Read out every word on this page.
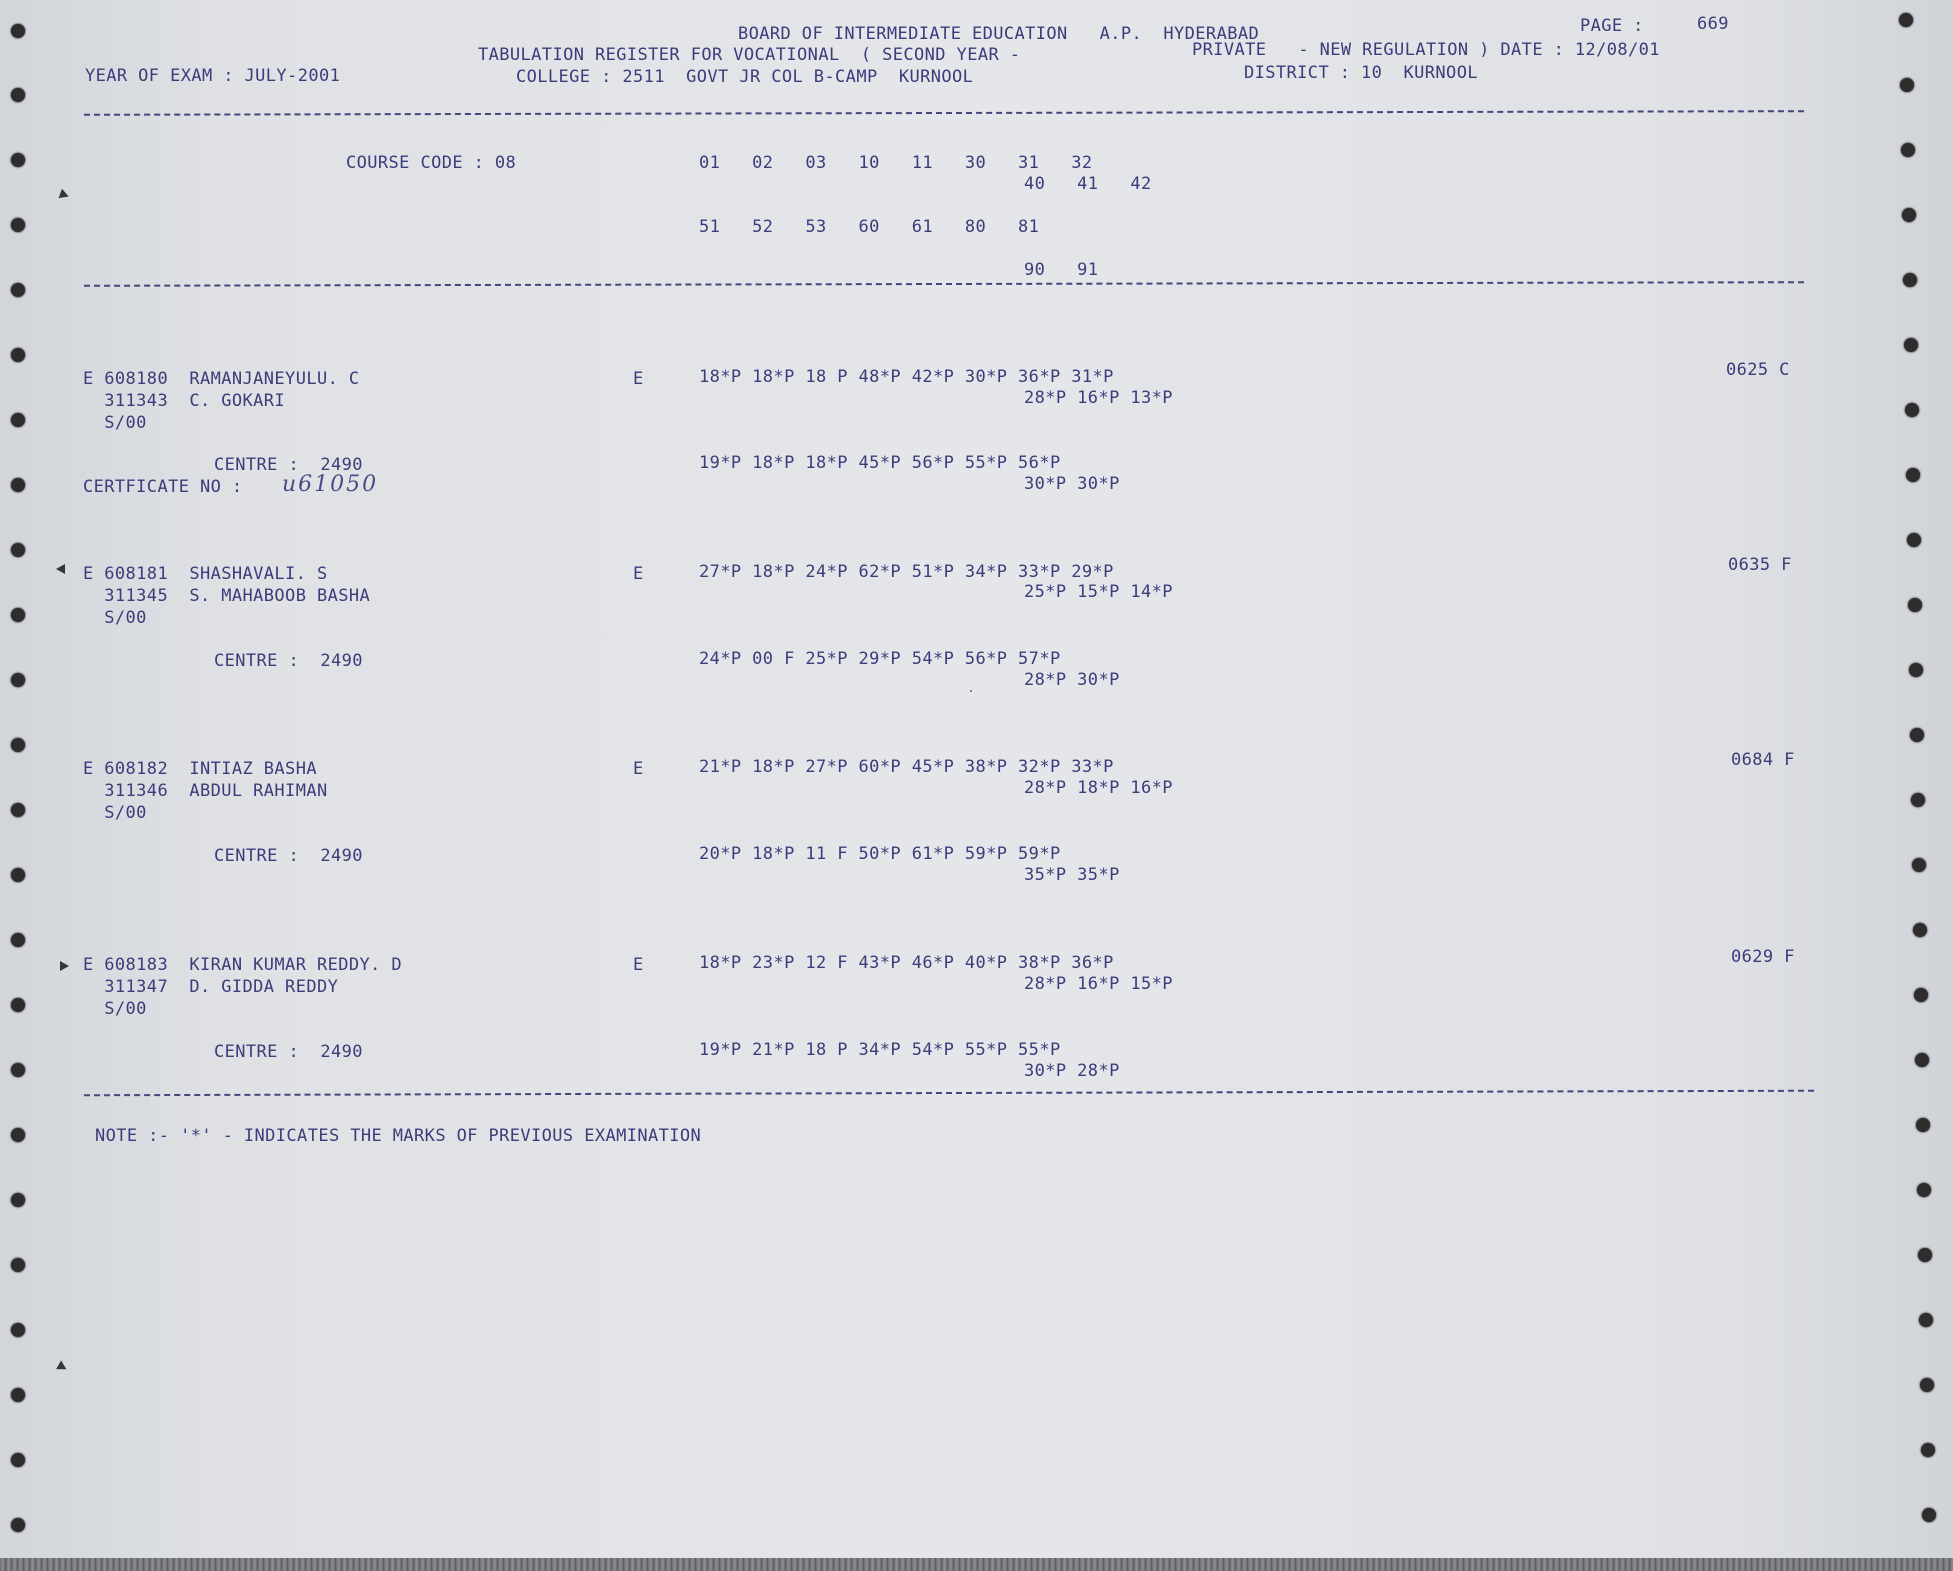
BOARD OF INTERMEDIATE EDUCATION   A.P.  HYDERABAD	PAGE :	669
TABULATION REGISTER FOR VOCATIONAL  ( SECOND YEAR -	PRIVATE   - NEW REGULATION ) DATE : 12/08/01
YEAR OF EXAM : JULY-2001	COLLEGE : 2511  GOVT JR COL B-CAMP  KURNOOL	DISTRICT : 10  KURNOOL
COURSE CODE : 08	01   02   03   10   11   30   31   32
40   41   42
51   52   53   60   61   80   81
90   91
E 608180  RAMANJANEYULU. C
311343  C. GOKARI
S/00
E	18*P 18*P 18 P 48*P 42*P 30*P 36*P 31*P
28*P 16*P 13*P
0625 C
CENTRE :  2490	19*P 18*P 18*P 45*P 56*P 55*P 56*P
30*P 30*P
CERTFICATE NO : u61050
E 608181  SHASHAVALI. S
311345  S. MAHABOOB BASHA
S/00
E	27*P 18*P 24*P 62*P 51*P 34*P 33*P 29*P
25*P 15*P 14*P
0635 F
CENTRE :  2490	24*P 00 F 25*P 29*P 54*P 56*P 57*P
28*P 30*P
E 608182  INTIAZ BASHA
311346  ABDUL RAHIMAN
S/00
E	21*P 18*P 27*P 60*P 45*P 38*P 32*P 33*P
28*P 18*P 16*P
0684 F
CENTRE :  2490	20*P 18*P 11 F 50*P 61*P 59*P 59*P
35*P 35*P
E 608183  KIRAN KUMAR REDDY. D
311347  D. GIDDA REDDY
S/00
E	18*P 23*P 12 F 43*P 46*P 40*P 38*P 36*P
28*P 16*P 15*P
0629 F
CENTRE :  2490	19*P 21*P 18 P 34*P 54*P 55*P 55*P
30*P 28*P
NOTE :- '*' - INDICATES THE MARKS OF PREVIOUS EXAMINATION
